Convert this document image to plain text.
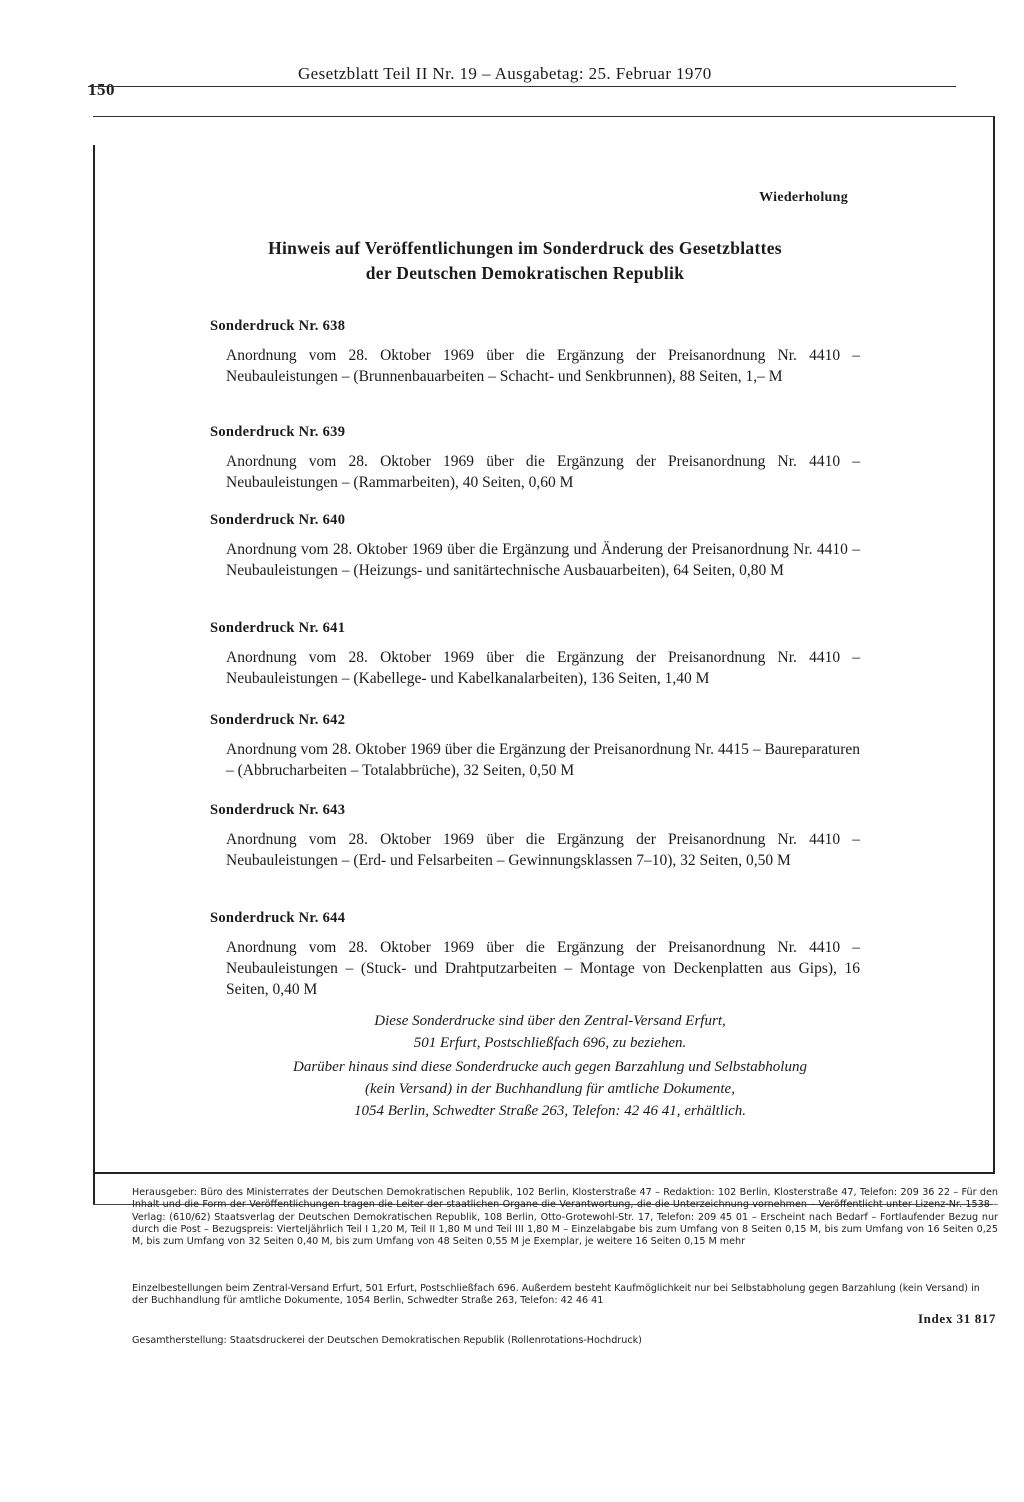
150
Gesetzblatt Teil II Nr. 19 – Ausgabetag: 25. Februar 1970
Wiederholung
Hinweis auf Veröffentlichungen im Sonderdruck des Gesetzblattes
der Deutschen Demokratischen Republik
Sonderdruck Nr. 638
Anordnung vom 28. Oktober 1969 über die Ergänzung der Preisanordnung Nr. 4410 – Neubauleistungen – (Brunnenbauarbeiten – Schacht- und Senkbrunnen), 88 Seiten, 1,– M
Sonderdruck Nr. 639
Anordnung vom 28. Oktober 1969 über die Ergänzung der Preisanordnung Nr. 4410 – Neubauleistungen – (Rammarbeiten), 40 Seiten, 0,60 M
Sonderdruck Nr. 640
Anordnung vom 28. Oktober 1969 über die Ergänzung und Änderung der Preisanordnung Nr. 4410 – Neubauleistungen – (Heizungs- und sanitärtechnische Ausbauarbeiten), 64 Seiten, 0,80 M
Sonderdruck Nr. 641
Anordnung vom 28. Oktober 1969 über die Ergänzung der Preisanordnung Nr. 4410 – Neubauleistungen – (Kabellege- und Kabelkanalarbeiten), 136 Seiten, 1,40 M
Sonderdruck Nr. 642
Anordnung vom 28. Oktober 1969 über die Ergänzung der Preisanordnung Nr. 4415 – Baureparaturen – (Abbrucharbeiten – Totalabbrüche), 32 Seiten, 0,50 M
Sonderdruck Nr. 643
Anordnung vom 28. Oktober 1969 über die Ergänzung der Preisanordnung Nr. 4410 – Neubauleistungen – (Erd- und Felsarbeiten – Gewinnungsklassen 7–10), 32 Seiten, 0,50 M
Sonderdruck Nr. 644
Anordnung vom 28. Oktober 1969 über die Ergänzung der Preisanordnung Nr. 4410 – Neubauleistungen – (Stuck- und Drahtputzarbeiten – Montage von Deckenplatten aus Gips), 16 Seiten, 0,40 M
Diese Sonderdrucke sind über den Zentral-Versand Erfurt,
501 Erfurt, Postschließfach 696, zu beziehen.
Darüber hinaus sind diese Sonderdrucke auch gegen Barzahlung und Selbstabholung
(kein Versand) in der Buchhandlung für amtliche Dokumente,
1054 Berlin, Schwedter Straße 263, Telefon: 42 46 41, erhältlich.
Herausgeber: Büro des Ministerrates der Deutschen Demokratischen Republik, 102 Berlin, Klosterstraße 47 – Redaktion: 102 Berlin, Klosterstraße 47, Telefon: 209 36 22 – Für den Inhalt und die Form der Veröffentlichungen tragen die Leiter der staatlichen Organe die Verantwortung, die die Unterzeichnung vornehmen – Veröffentlicht unter Lizenz-Nr. 1538 – Verlag: (610/62) Staatsverlag der Deutschen Demokratischen Republik, 108 Berlin, Otto-Grotewohl-Str. 17, Telefon: 209 45 01 – Erscheint nach Bedarf – Fortlaufender Bezug nur durch die Post – Bezugspreis: Vierteljährlich Teil I 1,20 M, Teil II 1,80 M und Teil III 1,80 M – Einzelabgabe bis zum Umfang von 8 Seiten 0,15 M, bis zum Umfang von 16 Seiten 0,25 M, bis zum Umfang von 32 Seiten 0,40 M, bis zum Umfang von 48 Seiten 0,55 M je Exemplar, je weitere 16 Seiten 0,15 M mehr
Einzelbestellungen beim Zentral-Versand Erfurt, 501 Erfurt, Postschließfach 696. Außerdem besteht Kaufmöglichkeit nur bei Selbstabholung gegen Barzahlung (kein Versand) in der Buchhandlung für amtliche Dokumente, 1054 Berlin, Schwedter Straße 263, Telefon: 42 46 41
Index 31 817
Gesamtherstellung: Staatsdruckerei der Deutschen Demokratischen Republik (Rollenrotations-Hochdruck)
